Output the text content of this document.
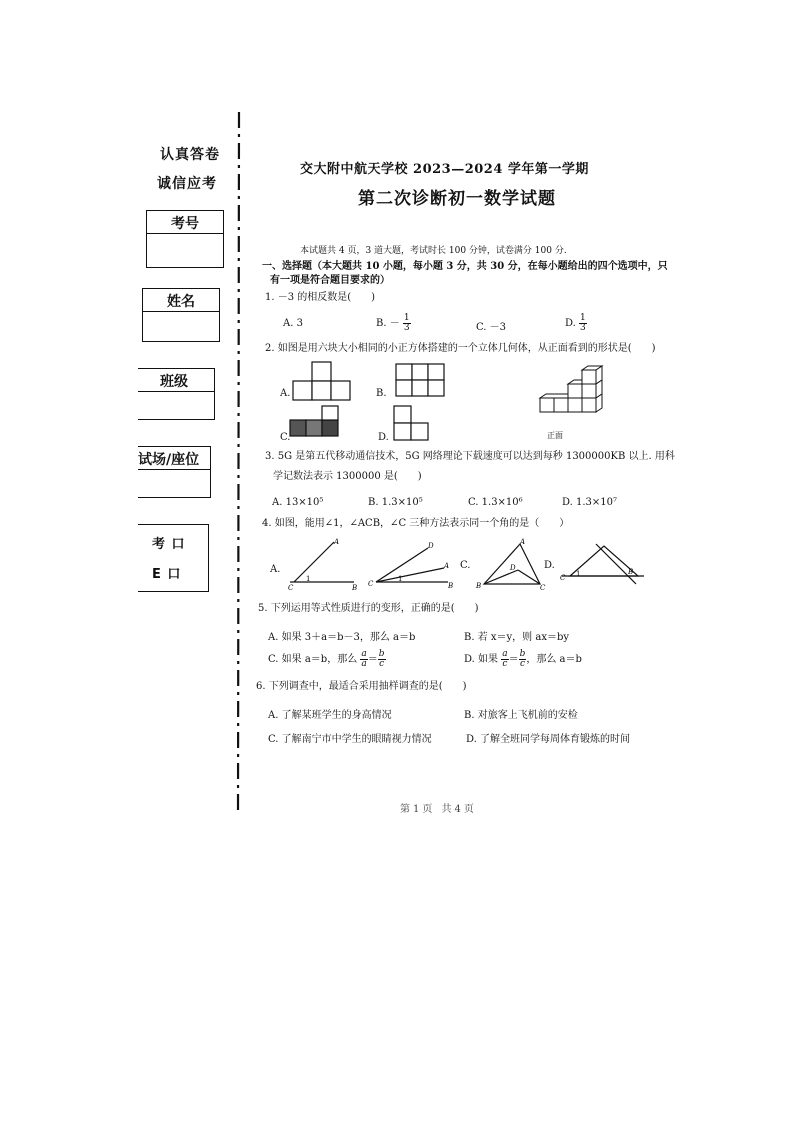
认真答卷
诚信应考
考号
姓名
班级
试场/座位
考 口
E 口
交大附中航天学校 2023—2024 学年第一学期
第二次诊断初一数学试题
本试题共 4 页，3 道大题，考试时长 100 分钟，试卷满分 100 分.
一、选择题（本大题共 10 小题，每小题 3 分，共 30 分，在每小题给出的四个选项中，只
有一项是符合题目要求的）
1. －3 的相反数是(　　)
A. 3	B. － $\frac{1}{3}$	C. －3	D. $\frac{1}{3}$
2. 如图是用六块大小相同的小正方体搭建的一个立体几何体，从正面看到的形状是(　　)
A.	B.
正面
C.	D.
3. 5G 是第五代移动通信技术，5G 网络理论下载速度可以达到每秒 1300000KB 以上. 用科
学记数法表示 1300000 是(　　)
A. 13×10⁵	B. 1.3×10⁵	C. 1.3×10⁶	D. 1.3×10⁷
4. 如图，能用∠1，∠ACB，∠C 三种方法表示同一个角的是（　　）
A.
C
1
A
B C
1
D
A
B
C.
A
D
B	C
D.
C 1	B
5. 下列运用等式性质进行的变形，正确的是(　　)
A. 如果 3＋a＝b－3，那么 a＝b	B. 若 x＝y，则 ax＝by
C. 如果 a＝b，那么 $\frac{a}{a} = \frac{b}{c}$	D. 如果 $\frac{a}{c} = \frac{b}{c}$ ，那么 a＝b
6. 下列调查中，最适合采用抽样调查的是(　　)
A. 了解某班学生的身高情况	B. 对旅客上飞机前的安检
C. 了解南宁市中学生的眼睛视力情况	D. 了解全班同学每周体育锻炼的时间
第1页 共4页
